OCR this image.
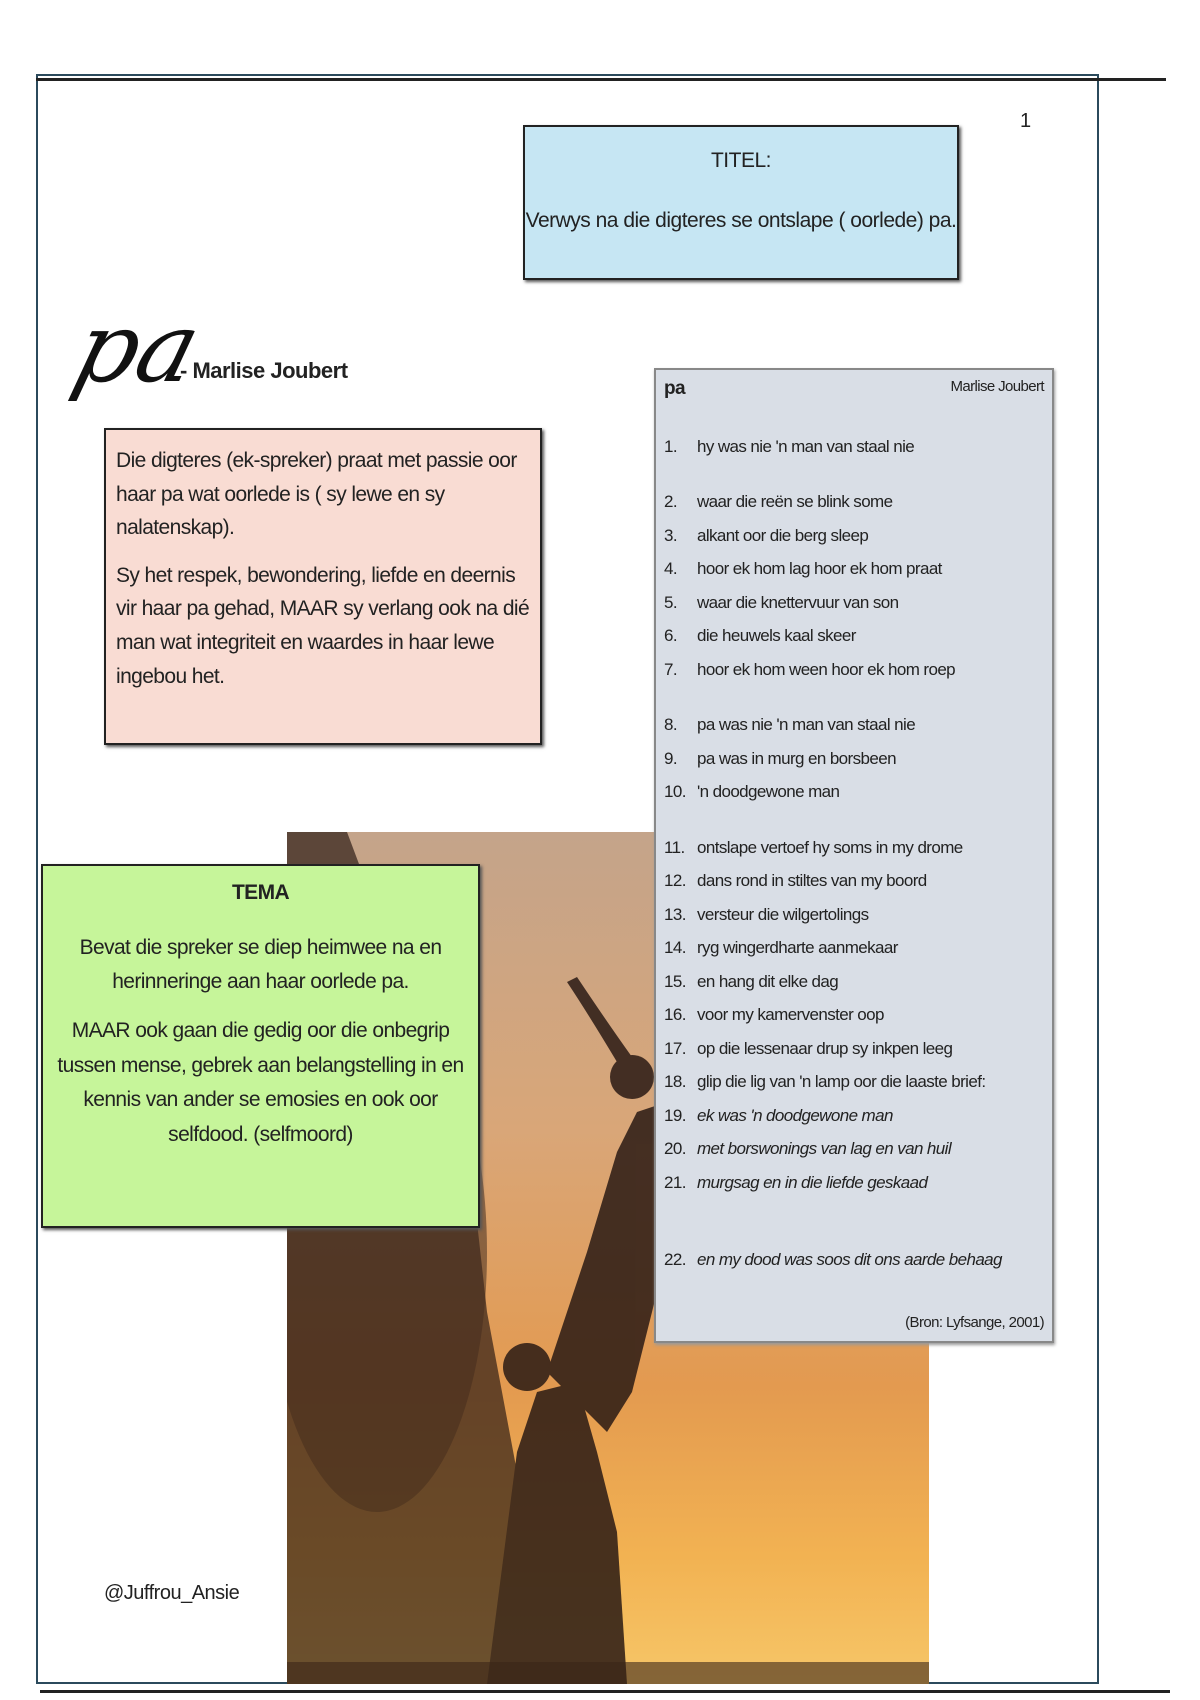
1
TITEL:
Verwys na die digteres se ontslape ( oorlede) pa.
pa
- Marlise Joubert

Die digteres (ek-spreker) praat met passie oor haar pa wat oorlede is ( sy lewe en sy nalatenskap).

Sy het respek, bewondering, liefde en deernis vir haar pa gehad, MAAR sy verlang ook na dié man wat integriteit en waardes in haar lewe ingebou het.

TEMA

Bevat die spreker se diep heimwee na en herinneringe aan haar oorlede pa.

MAAR ook gaan die gedig oor die onbegrip tussen mense, gebrek aan belangstelling in en kennis van ander se emosies en ook oor selfdood. (selfmoord)

pa	Marlise Joubert
1.	hy was nie 'n man van staal nie
2.	waar die reën se blink some
3.	alkant oor die berg sleep
4.	hoor ek hom lag hoor ek hom praat
5.	waar die knettervuur van son
6.	die heuwels kaal skeer
7.	hoor ek hom ween hoor ek hom roep
8.	pa was nie 'n man van staal nie
9.	pa was in murg en borsbeen
10. 'n doodgewone man
11. ontslape vertoef hy soms in my drome
12. dans rond in stiltes van my boord
13. versteur die wilgertolings
14. ryg wingerdharte aanmekaar
15. en hang dit elke dag
16. voor my kamervenster oop
17. op die lessenaar drup sy inkpen leeg
18. glip die lig van 'n lamp oor die laaste brief:
19. ek was 'n doodgewone man
20. met borswonings van lag en van huil
21. murgsag en in die liefde geskaad
22. en my dood was soos dit ons aarde behaag
(Bron: Lyfsange, 2001)
@Juffrou_Ansie
